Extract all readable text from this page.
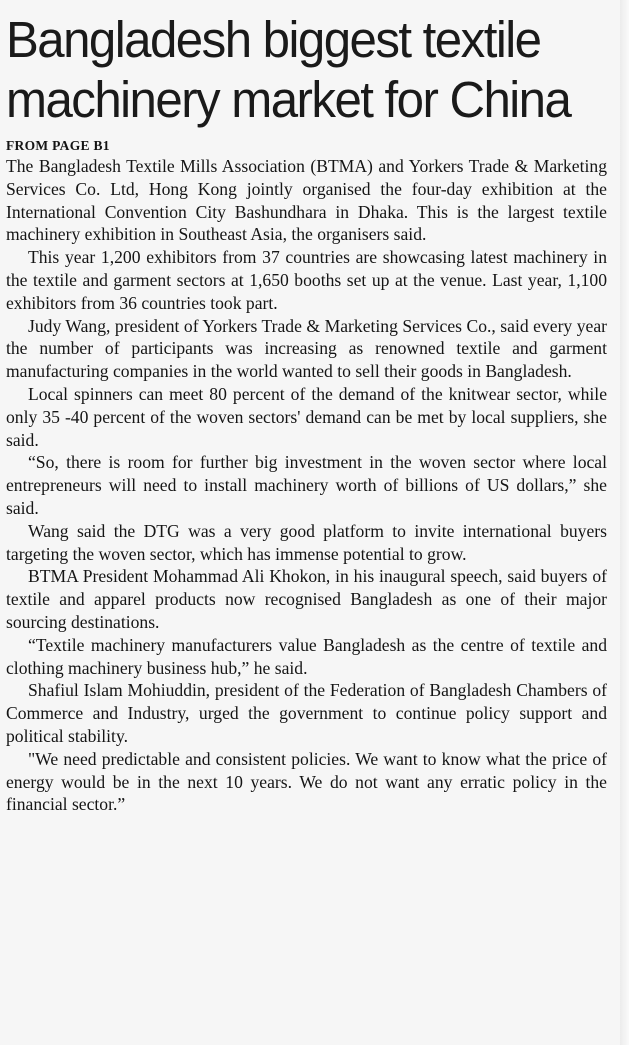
Bangladesh biggest textile machinery market for China
FROM PAGE B1

The Bangladesh Textile Mills Association (BTMA) and Yorkers Trade & Marketing Services Co. Ltd, Hong Kong jointly organised the four-day exhibition at the International Convention City Bashundhara in Dhaka. This is the largest textile machinery exhibition in Southeast Asia, the organisers said.

This year 1,200 exhibitors from 37 countries are showcasing latest machinery in the textile and garment sectors at 1,650 booths set up at the venue. Last year, 1,100 exhibitors from 36 countries took part.

Judy Wang, president of Yorkers Trade & Marketing Services Co., said every year the number of participants was increasing as renowned textile and garment manufacturing companies in the world wanted to sell their goods in Bangladesh.

Local spinners can meet 80 percent of the demand of the knitwear sector, while only 35 -40 percent of the woven sectors' demand can be met by local suppliers, she said.

“So, there is room for further big investment in the woven sector where local entrepreneurs will need to install machinery worth of billions of US dollars,” she said.

Wang said the DTG was a very good platform to invite international buyers targeting the woven sector, which has immense potential to grow.

BTMA President Mohammad Ali Khokon, in his inaugural speech, said buyers of textile and apparel products now recognised Bangladesh as one of their major sourcing destinations.

“Textile machinery manufacturers value Bangladesh as the centre of textile and clothing machinery business hub,” he said.

Shafiul Islam Mohiuddin, president of the Federation of Bangladesh Chambers of Commerce and Industry, urged the government to continue policy support and political stability.

"We need predictable and consistent policies. We want to know what the price of energy would be in the next 10 years. We do not want any erratic policy in the financial sector.”
